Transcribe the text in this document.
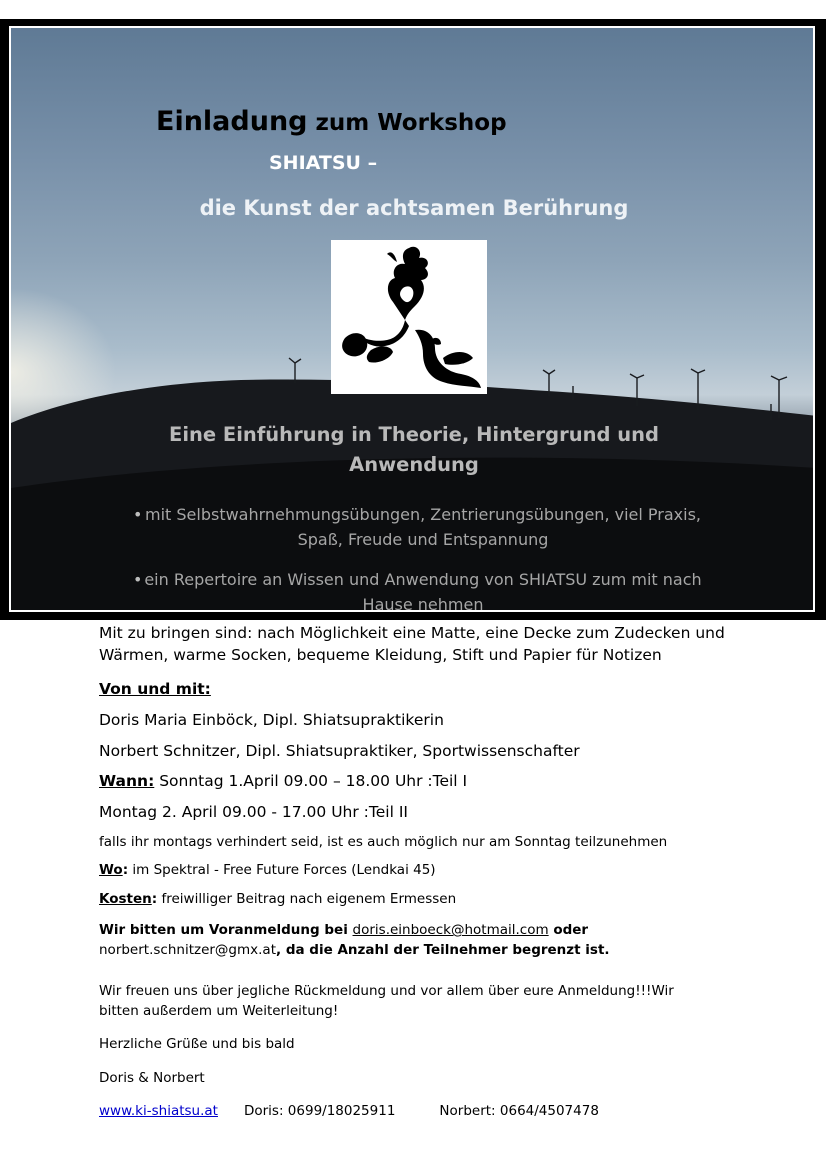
Einladung zum Workshop
SHIATSU –
die Kunst der achtsamen Berührung
Eine Einführung in Theorie, Hintergrund und
Anwendung
• mit Selbstwahrnehmungsübungen, Zentrierungsübungen, viel Praxis,
Spaß, Freude und Entspannung
• ein Repertoire an Wissen und Anwendung von SHIATSU zum mit nach
Hause nehmen
Mit zu bringen sind: nach Möglichkeit eine Matte, eine Decke zum Zudecken und
Wärmen, warme Socken, bequeme Kleidung, Stift und Papier für Notizen
Von und mit:
Doris Maria Einböck, Dipl. Shiatsupraktikerin
Norbert Schnitzer, Dipl. Shiatsupraktiker, Sportwissenschafter
Wann: Sonntag 1.April 09.00 – 18.00 Uhr :Teil I
Montag 2. April 09.00 - 17.00 Uhr :Teil II
falls ihr montags verhindert seid, ist es auch möglich nur am Sonntag teilzunehmen
Wo: im Spektral - Free Future Forces (Lendkai 45)
Kosten: freiwilliger Beitrag nach eigenem Ermessen
Wir bitten um Voranmeldung bei doris.einboeck@hotmail.com oder
norbert.schnitzer@gmx.at, da die Anzahl der Teilnehmer begrenzt ist.
Wir freuen uns über jegliche Rückmeldung und vor allem über eure Anmeldung!!!Wir
bitten außerdem um Weiterleitung!
Herzliche Grüße und bis bald
Doris & Norbert
www.ki-shiatsu.at Doris: 0699/18025911	Norbert: 0664/4507478
